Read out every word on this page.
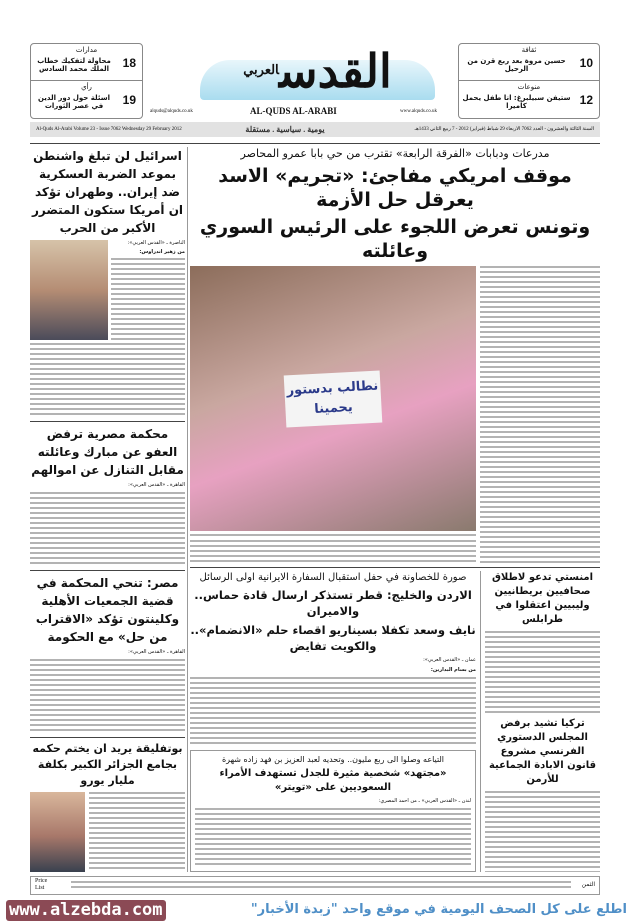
مدارات
محاولة لتفكيك خطاب الملك محمد السادس	18
رأي
اسئلة حول دور الدين في عصر الثورات	19
ثقافة
حسين مروة بعد ربع قرن من الرحيل	10
منوعات
ستيفن سبيلبرغ: انا طفل يحمل كاميرا	12
القدس$^{العربي}$
alquds@alquds.co.uk	AL-QUDS AL-ARABI	www.alquds.co.uk
Al-Quds Al-Arabi Volume 23 - Issue 7062 Wednesday 29 February 2012	يومية . سياسية . مستقلة	السنة الثالثة والعشرون - العدد 7062 الاربعاء 29 شباط (فبراير) 2012 - 7 ربيع الثاني 1433هـ
اسرائيل لن تبلغ واشنطن بموعد الضربة العسكرية ضد إيران.. وطهران تؤكد ان أمريكا ستكون المتضرر الأكبر من الحرب
الناصرة ـ «القدس العربي»:
من زهير اندراوس:
محكمة مصرية ترفض العفو عن مبارك وعائلته مقابل التنازل عن اموالهم
القاهرة ـ «القدس العربي»:
مصر: تنحي المحكمة في قضية الجمعيات الأهلية وكلينتون تؤكد «الاقتراب من حل» مع الحكومة
القاهرة ـ «القدس العربي»:
بوتفليقة يريد ان يختم حكمه بجامع الجزائر الكبير بكلفة مليار يورو
مدرعات ودبابات «الفرقة الرابعة» تقترب من حي بابا عمرو المحاصر
موقف امريكي مفاجئ: «تجريم» الاسد يعرقل حل الأزمة
وتونس تعرض اللجوء على الرئيس السوري وعائلته
نطالب بدستور يحمينا
صورة للخصاونة في حفل استقبال السفارة الايرانية اولى الرسائل
الاردن والخليج: قطر تستذكر ارسال قادة حماس.. والاميران
نايف وسعد تكفلا بسيناريو اقصاء حلم «الانضمام».. والكويت تفايض
عمان ـ «القدس العربي»:
من بسام البدارين:
التياعه وصلوا الى ربع مليون.. وتحديه لعبد العزيز بن فهد زاده شهرة
«مجتهد» شخصية مثيرة للجدل تستهدف الأمراء السعوديين على «تويتر»
لندن ـ «القدس العربي» ـ من احمد المصري:
امنستي تدعو لاطلاق صحافيين بريطانيين وليبيين اعتقلوا في طرابلس
تركيا تشيد برفض المجلس الدستوري الفرنسي مشروع قانون الابادة الجماعية للأرمن
Price List	الثمن
www.alzebda.com	اطلع على كل الصحف اليومية في موقع واحد "زبدة الأخبار"
